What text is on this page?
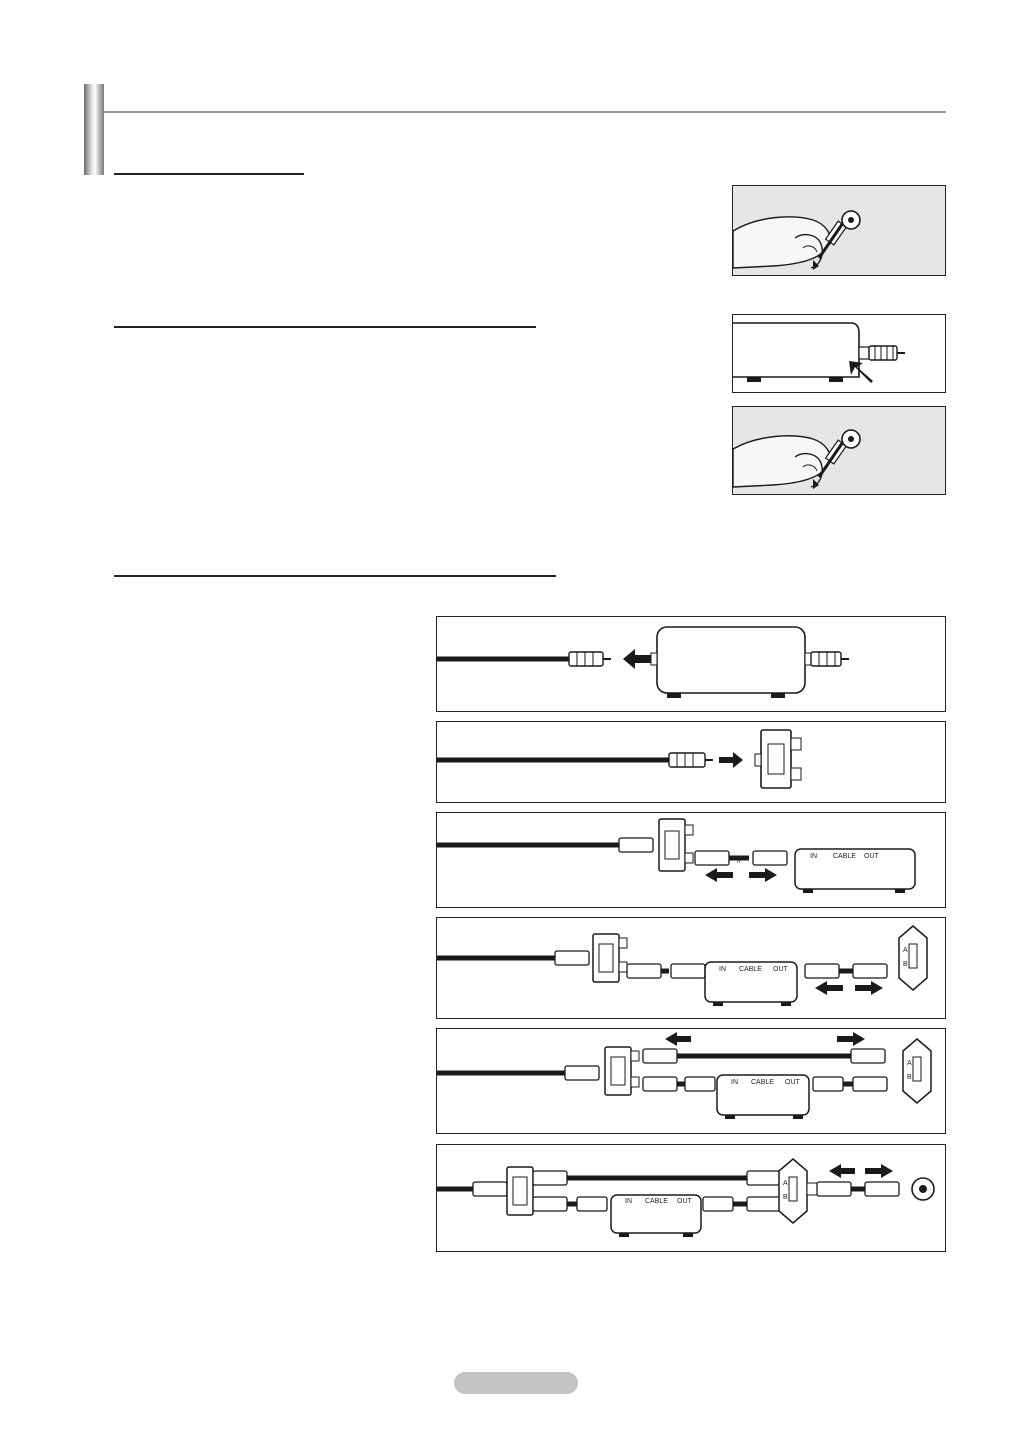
//
IN CABLE OUT
IN CABLE OUT
A
B
IN CABLE OUT
A
B
IN CABLE OUT
A
B
